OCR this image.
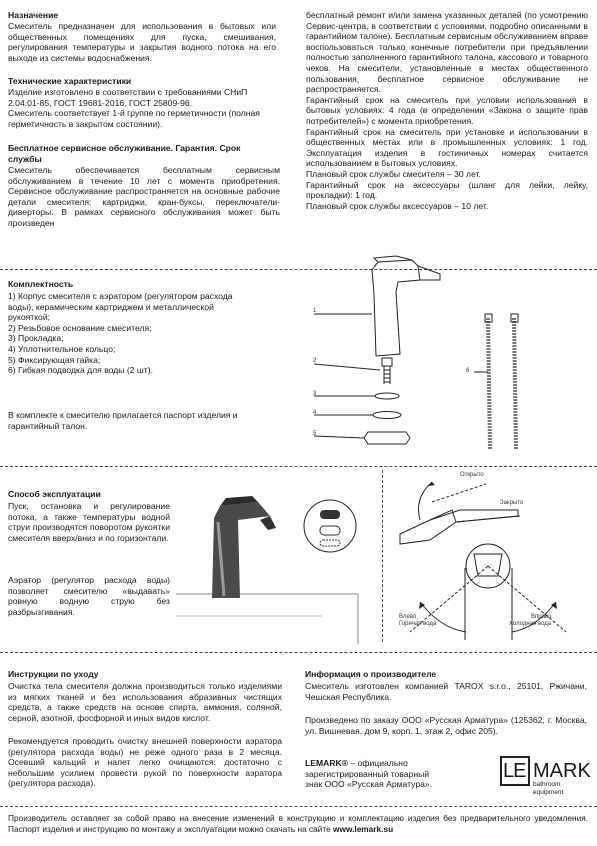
Назначение
Смеситель предназначен для использования в бытовых или общественных помещениях для пуска, смешивания, регулирования температуры и закрытия водного потока на его выходе из системы водоснабжения.
Технические характеристики
Изделие изготовлено в соответствии с требованиями СНиП 2.04.01-85, ГОСТ 19681-2016, ГОСТ 25809-96.
Смеситель соответствует 1-й группе по герметичности (полная герметичность в закрытом состоянии).
Бесплатное сервисное обслуживание. Гарантия. Срок службы
Смеситель обеспечивается бесплатным сервисным обслуживанием в течение 10 лет с момента приобретения. Сервисное обслуживание распространяется на основные рабочие детали смесителя: картриджи, кран-буксы, переключатели-диверторы. В рамках сервисного обслуживания может быть произведен
бесплатный ремонт и/или замена указанных деталей (по усмотрению Сервис-центра, в соответствии с условиями, подробно описанными в гарантийном талоне). Бесплатным сервисным обслуживанием вправе воспользоваться только конечные потребители при предъявлении полностью заполненного гарантийного талона, кассового и товарного чеков. На смесители, установленные в местах общественного пользования, бесплатное сервисное обслуживание не распространяется.
Гарантийный срок на смеситель при условии использования в бытовых условиях: 4 года (в определении «Закона о защите прав потребителей») с момента приобретения.
Гарантийный срок на смеситель при установке и использовании в общественных местах или в промышленных условиях: 1 год. Эксплуатация изделия в гостиничных номерах считается использованием в бытовых условиях.
Плановый срок службы смесителя – 30 лет.
Гарантийный срок на аксессуары (шланг для лейки, лейку, прокладки): 1 год.
Плановый срок службы аксессуаров – 10 лет.
Комплектность
1) Корпус смесителя с аэратором (регулятором расхода
воды), керамическим картриджем и металлической
рукояткой;
2) Резьбовое основание смесителя;
3) Прокладка;
4) Уплотнительное кольцо;
5) Фиксирующая гайка;
6) Гибкая подводка для воды (2 шт).
В комплекте к смесителю прилагается паспорт изделия и гарантийный талон.
1
2
3
4
5
6
Способ эксплуатации
Пуск, остановка и регулирование потока, а также температуры водной струи производятся поворотом рукоятки смесителя вверх/вниз и по горизонтали.
Аэратор (регулятор расхода воды) позволяет смесителю «выдавать» ровную водную струю без разбрызгивания.
Открыто
Закрыто
Влево
Горячая вода
Вправо
Холодная вода
Инструкции по уходу
Очистка тела смесителя должна производиться только изделиями из мягких тканей и без использования абразивных чистящих средств, а также средств на основе спирта, аммония, соляной, серной, азотной, фосфорной и иных видов кислот.
Рекомендуется проводить очистку внешней поверхности аэратора (регулятора расхода воды) не реже одного раза в 2 месяца. Осевший кальций и налет легко очищаются: достаточно с небольшим усилием провести рукой по поверхности аэратора (регулятора расхода).
Информация о производителе
Смеситель изготовлен компанией TAROX s.r.o., 25101, Ржичани, Чешская Республика.
Произведено по заказу ООО «Русская Арматура» (125362, г. Москва, ул. Вишневая, дом 9, корп. 1, этаж 2, офис 205).
LEMARK® – официально
зарегистрированный товарный
знак ООО «Русская Арматура».
LE MARK
bathroom equipment
Производитель оставляет за собой право на внесение изменений в конструкцию и комплектацию изделия без предварительного уведомления. Паспорт изделия и инструкцию по монтажу и эксплуатации можно скачать на сайте www.lemark.su
